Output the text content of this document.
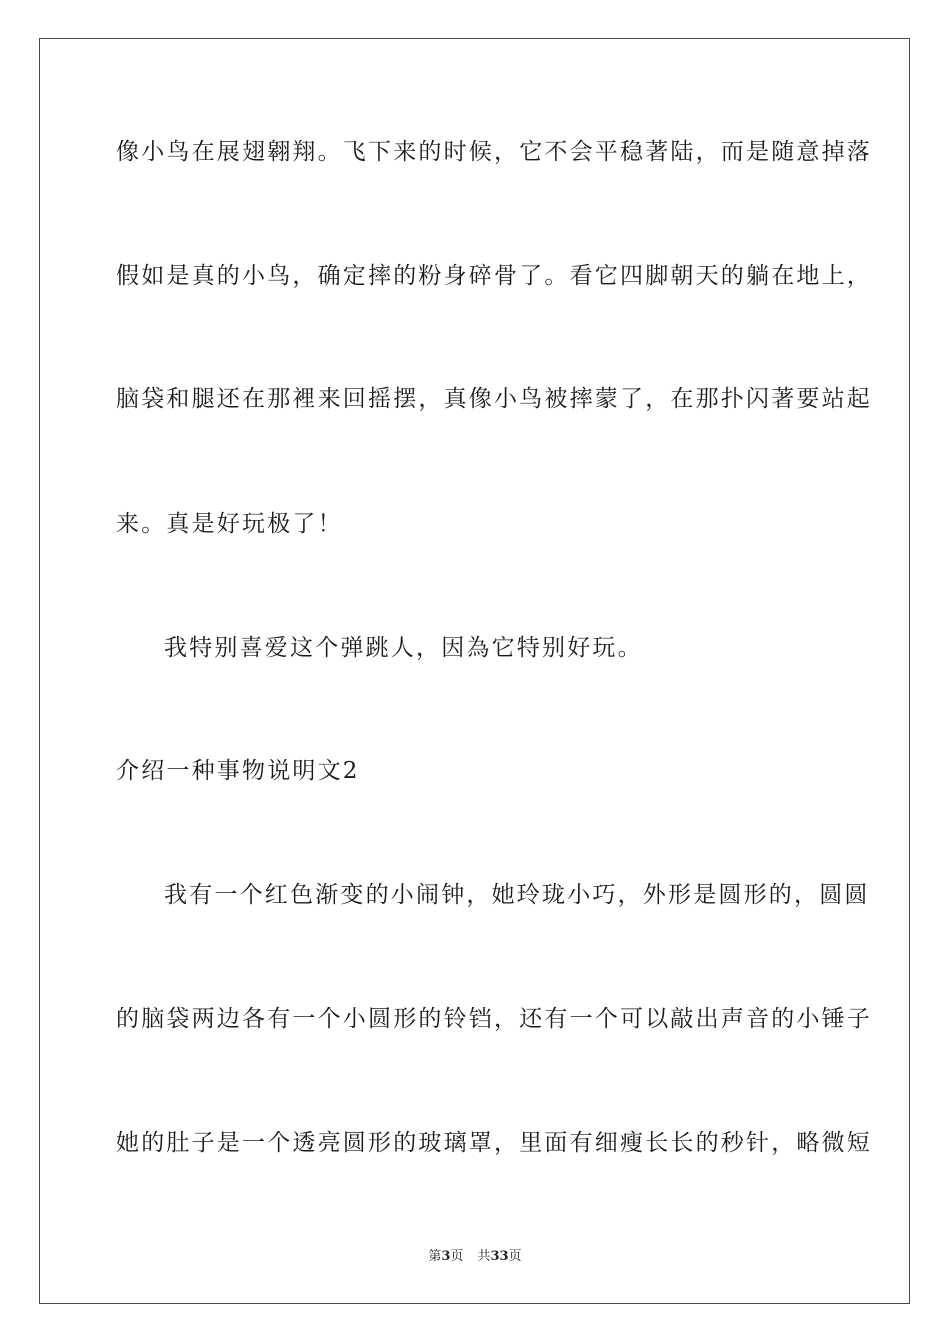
像小鸟在展翅翱翔。飞下来的时候，它不会平稳著陆，而是随意掉落
假如是真的小鸟，确定摔的粉身碎骨了。看它四脚朝天的躺在地上，
脑袋和腿还在那裡来回摇摆，真像小鸟被摔蒙了，在那扑闪著要站起
来。真是好玩极了！
我特别喜爱这个弹跳人，因為它特别好玩。
介绍一种事物说明文2
我有一个红色渐变的小闹钟，她玲珑小巧，外形是圆形的，圆圆
的脑袋两边各有一个小圆形的铃铛，还有一个可以敲出声音的小锤子
她的肚子是一个透亮圆形的玻璃罩，里面有细瘦长长的秒针，略微短
第3页 共33页
